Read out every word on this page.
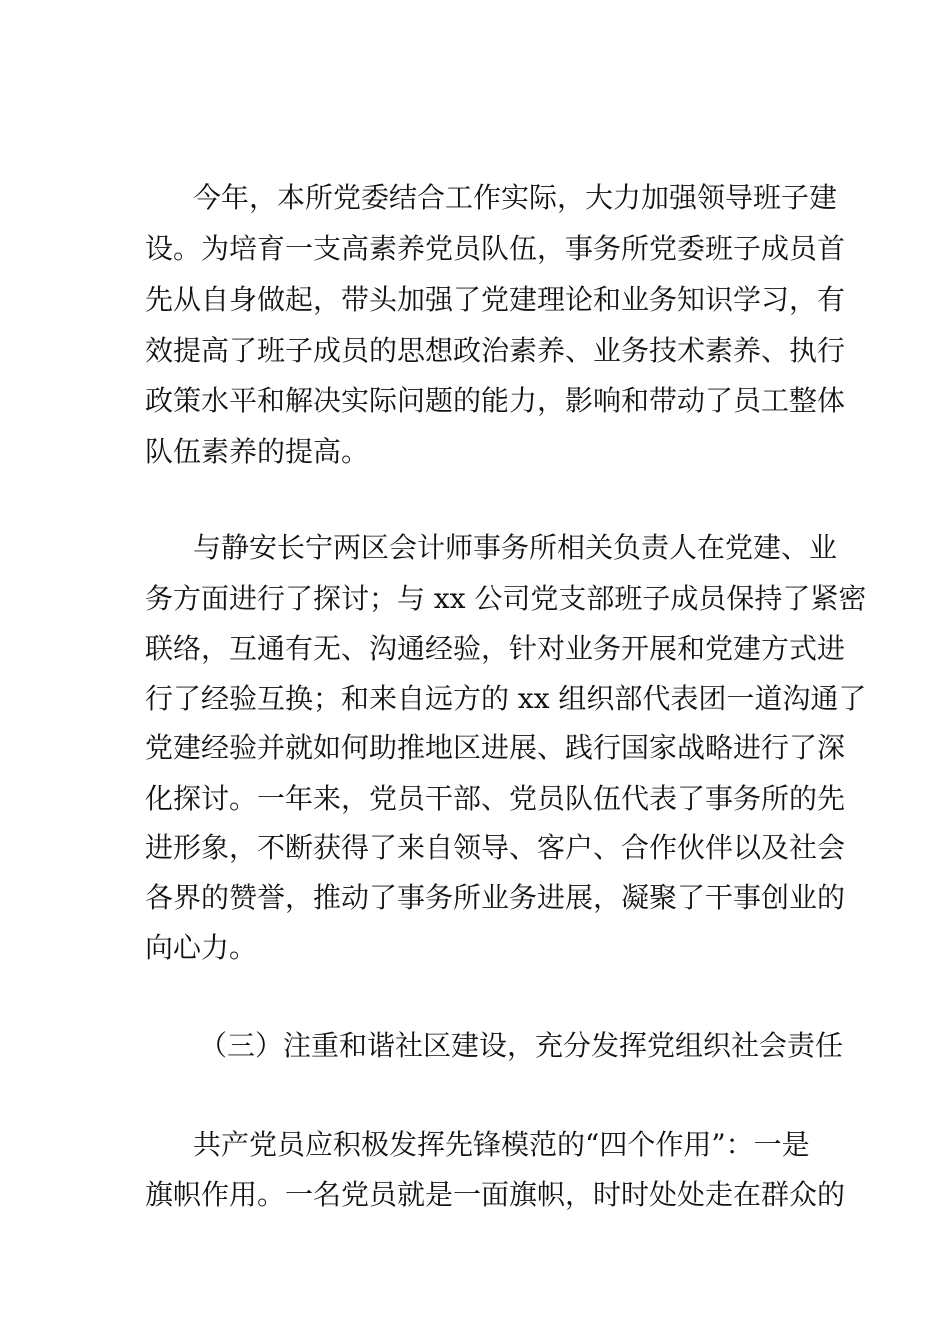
今年，本所党委结合工作实际，大力加强领导班子建
设。为培育一支高素养党员队伍，事务所党委班子成员首
先从自身做起，带头加强了党建理论和业务知识学习，有
效提高了班子成员的思想政治素养、业务技术素养、执行
政策水平和解决实际问题的能力，影响和带动了员工整体
队伍素养的提高。
与静安长宁两区会计师事务所相关负责人在党建、业
务方面进行了探讨；与 xx 公司党支部班子成员保持了紧密
联络，互通有无、沟通经验，针对业务开展和党建方式进
行了经验互换；和来自远方的 xx 组织部代表团一道沟通了
党建经验并就如何助推地区进展、践行国家战略进行了深
化探讨。一年来，党员干部、党员队伍代表了事务所的先
进形象，不断获得了来自领导、客户、合作伙伴以及社会
各界的赞誉，推动了事务所业务进展，凝聚了干事创业的
向心力。
（三）注重和谐社区建设，充分发挥党组织社会责任
共产党员应积极发挥先锋模范的“四个作用”：一是
旗帜作用。一名党员就是一面旗帜，时时处处走在群众的
